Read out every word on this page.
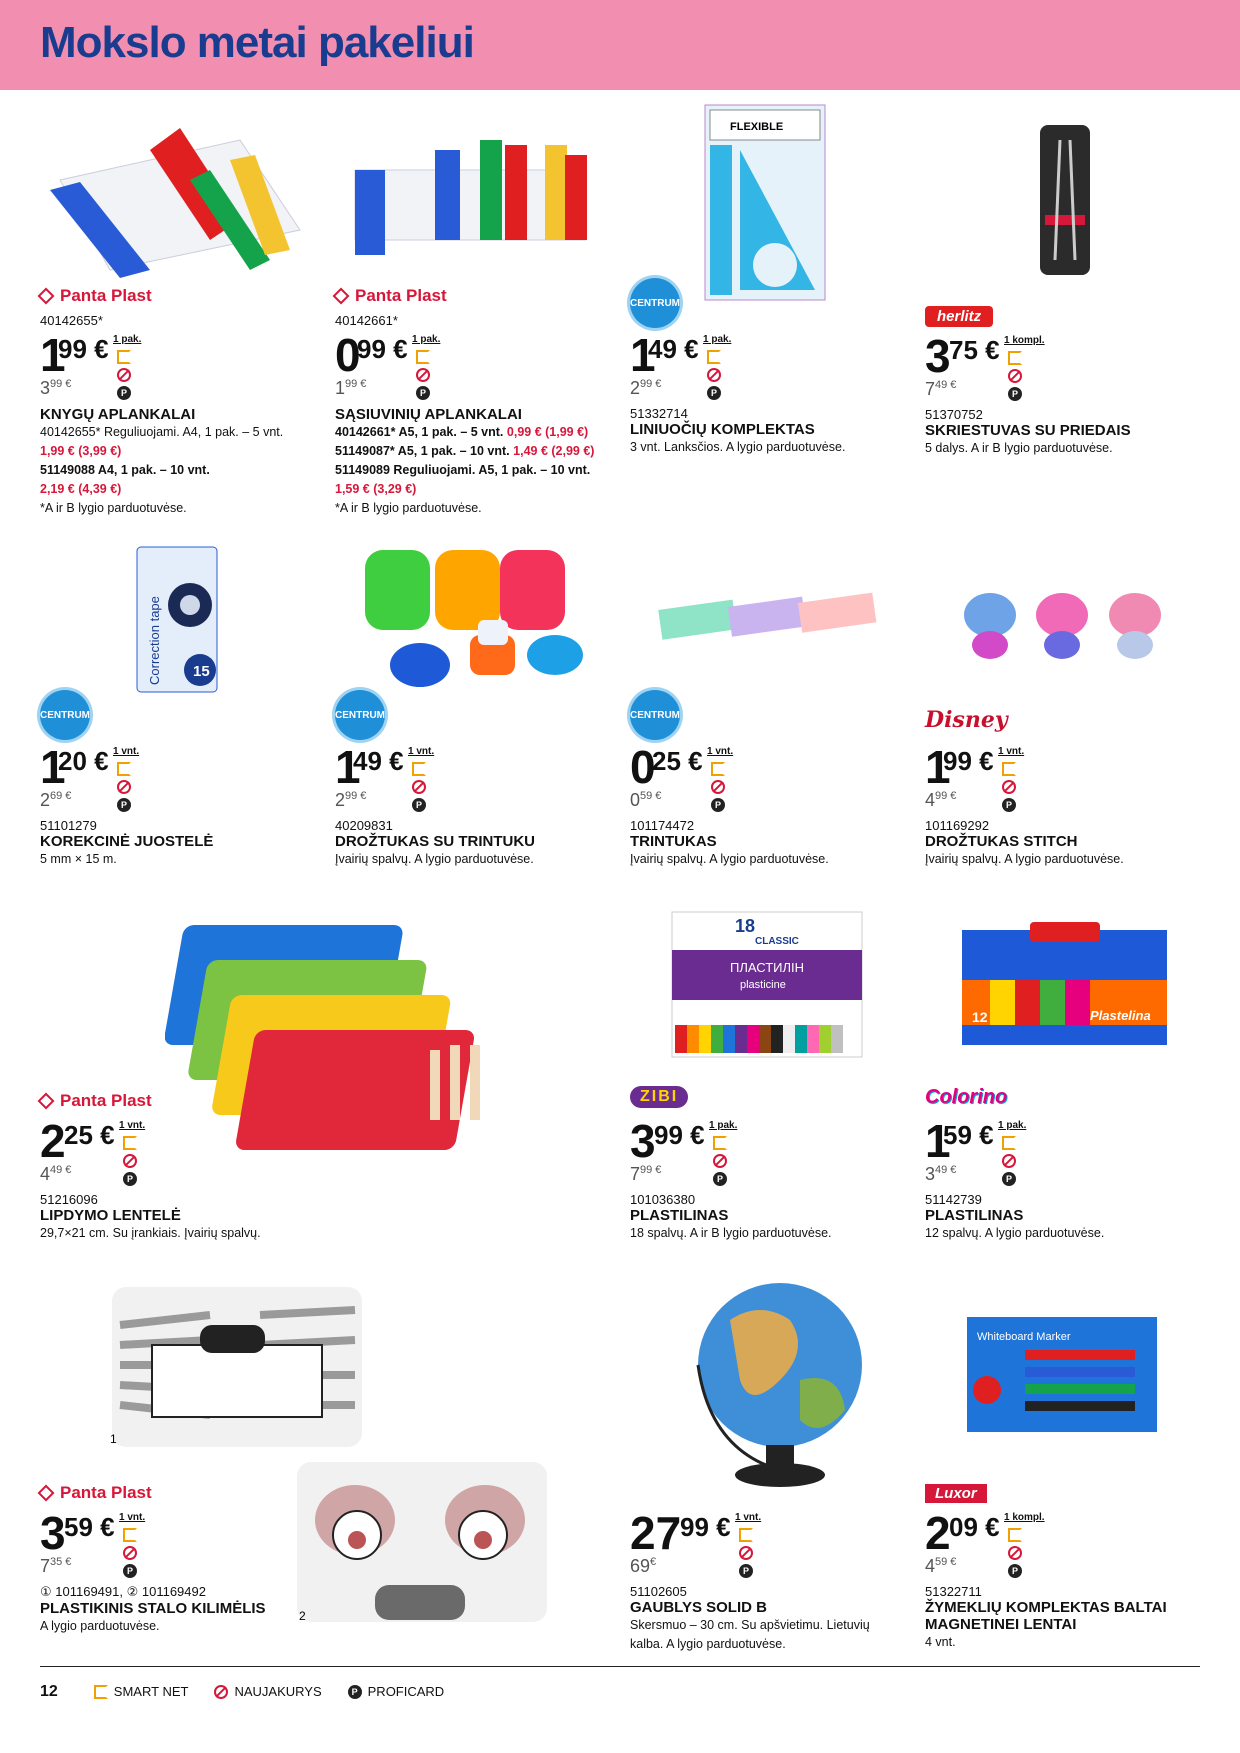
Mokslo metai pakeliui
FLEXIBLE
Correction tape 15
ПЛАСТИЛІН
plasticine
CLASSIC
18
12	Plastelina
1
2
Whiteboard Marker
Panta Plast
40142655*
1
99 € 1 pak.
P
$3^{99 €}$
KNYGŲ APLANKALAI
40142655* Reguliuojami. A4, 1 pak. – 5 vnt.
1,99 € (3,99 €)
51149088 A4, 1 pak. – 10 vnt.
2,19 € (4,39 €)
*A ir B lygio parduotuvėse.
Panta Plast
40142661*
0
99 € 1 pak.
P
$1^{99 €}$
SĄSIUVINIŲ APLANKALAI
40142661* A5, 1 pak. – 5 vnt. 0,99 € (1,99 €)
51149087* A5, 1 pak. – 10 vnt. 1,49 € (2,99 €)
51149089 Reguliuojami. A5, 1 pak. – 10 vnt.
1,59 € (3,29 €)
*A ir B lygio parduotuvėse.
CENTRUM
1
49 € 1 pak.
P
$2^{99 €}$
51332714
LINIUOČIŲ KOMPLEKTAS
3 vnt. Lanksčios. A lygio parduotuvėse.
herlitz
3
75 € 1 kompl.
P
$7^{49 €}$
51370752
SKRIESTUVAS SU PRIEDAIS
5 dalys. A ir B lygio parduotuvėse.
CENTRUM
1
20 € 1 vnt.
P
$2^{69 €}$
51101279
KOREKCINĖ JUOSTELĖ
5 mm × 15 m.
CENTRUM
1
49 € 1 vnt.
P
$2^{99 €}$
40209831
DROŽTUKAS SU TRINTUKU
Įvairių spalvų. A lygio parduotuvėse.
CENTRUM
0
25 € 1 vnt.
P
$0^{59 €}$
101174472
TRINTUKAS
Įvairių spalvų. A lygio parduotuvėse.
Disney
1
99 € 1 vnt.
P
$4^{99 €}$
101169292
DROŽTUKAS STITCH
Įvairių spalvų. A lygio parduotuvėse.
Panta Plast
2
25 € 1 vnt.
P
$4^{49 €}$
51216096
LIPDYMO LENTELĖ
29,7×21 cm. Su įrankiais. Įvairių spalvų.
ZIBI
3
99 € 1 pak.
P
$7^{99 €}$
101036380
PLASTILINAS
18 spalvų. A ir B lygio parduotuvėse.
Colorino
1
59 € 1 pak.
P
$3^{49 €}$
51142739
PLASTILINAS
12 spalvų. A lygio parduotuvėse.
Panta Plast
3
59 € 1 vnt.
P
$7^{35 €}$
① 101169491, ② 101169492
PLASTIKINIS STALO KILIMĖLIS
A lygio parduotuvėse.
27
99 € 1 vnt.
P
69€
51102605
GAUBLYS SOLID B
Skersmuo – 30 cm. Su apšvietimu. Lietuvių kalba. A lygio parduotuvėse.
Luxor
2
09 € 1 kompl.
P
$4^{59 €}$
51322711
ŽYMEKLIŲ KOMPLEKTAS BALTAI MAGNETINEI LENTAI
4 vnt.
12	SMART NET	NAUJAKURYS	P PROFICARD
